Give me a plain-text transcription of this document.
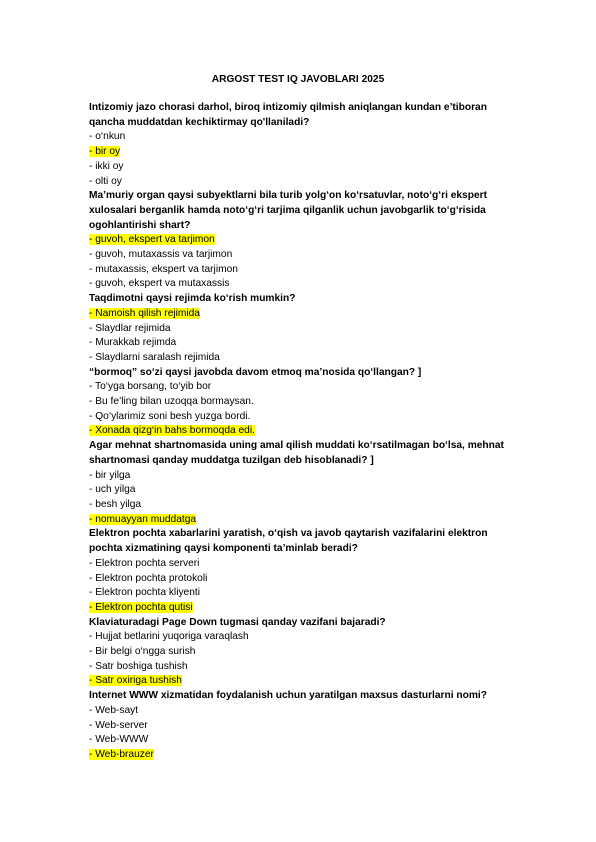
ARGOST TEST IQ JAVOBLARI 2025

Intizomiy jazo chorasi darhol, biroq intizomiy qilmish aniqlangan kundan e’tiboran qancha muddatdan kechiktirmay qo'llaniladi?

- o‘nkun

- bir oy

- ikki oy

- olti oy

Ma’muriy organ qaysi subyektlarni bila turib yolg‘on ko‘rsatuvlar, noto‘g‘ri ekspert xulosalari berganlik hamda noto‘g‘ri tarjima qilganlik uchun javobgarlik to‘g‘risida ogohlantirishi shart?

- guvoh, ekspert va tarjimon

- guvoh, mutaxassis va tarjimon

- mutaxassis, ekspert va tarjimon

- guvoh, ekspert va mutaxassis

Taqdimotni qaysi rejimda ko‘rish mumkin?

- Namoish qilish rejimida

- Slaydlar rejimida

- Murakkab rejimda

- Slaydlarni saralash rejimida

“bormoq” so‘zi qaysi javobda davom etmoq ma’nosida qo‘llangan? ]

- To‘yga borsang, to‘yib bor

- Bu fe’ling bilan uzoqqa bormaysan.

- Qo‘ylarimiz soni besh yuzga bordi.

- Xonada qizg‘in bahs bormoqda edi.

Agar mehnat shartnomasida uning amal qilish muddati ko‘rsatilmagan bo‘lsa, mehnat shartnomasi qanday muddatga tuzilgan deb hisoblanadi? ]

- bir yilga

- uch yilga

- besh yilga

- nomuayyan muddatga

Elektron pochta xabarlarini yaratish, o‘qish va javob qaytarish vazifalarini elektron pochta xizmatining qaysi komponenti ta’minlab beradi?

- Elektron pochta serveri

- Elektron pochta protokoli

- Elektron pochta kliyenti

- Elektron pochta qutisi

Klaviaturadagi Page Down tugmasi qanday vazifani bajaradi?

- Hujjat betlarini yuqoriga varaqlash

- Bir belgi o‘ngga surish

- Satr boshiga tushish

- Satr oxiriga tushish

Internet WWW xizmatidan foydalanish uchun yaratilgan maxsus dasturlarni nomi?

- Web-sayt

- Web-server

- Web-WWW

- Web-brauzer
